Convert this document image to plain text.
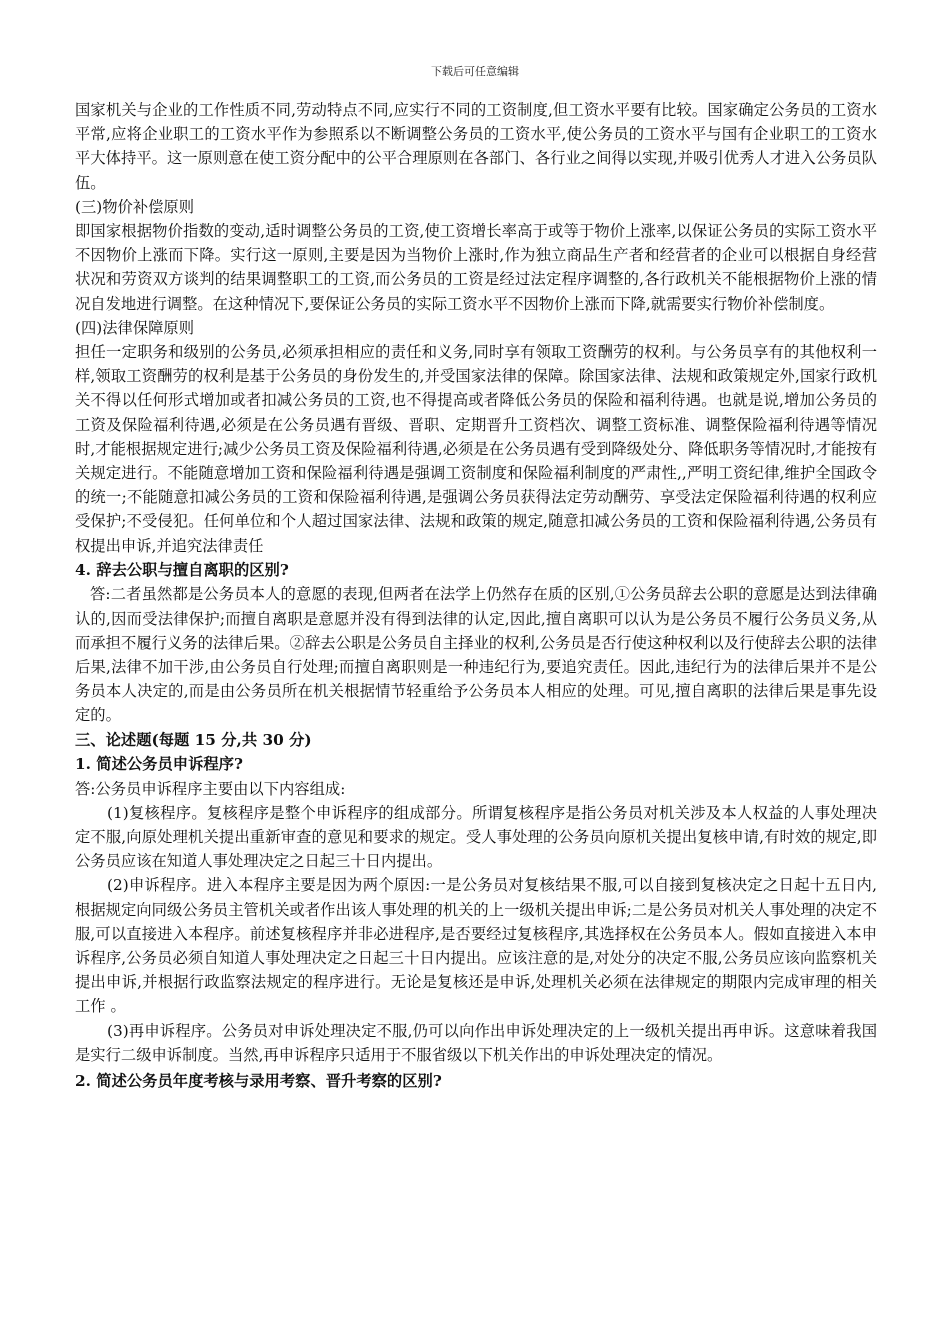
下载后可任意编辑

国家机关与企业的工作性质不同,劳动特点不同,应实行不同的工资制度,但工资水平要有比较。国家确定公务员的工资水平常,应将企业职工的工资水平作为参照系以不断调整公务员的工资水平,使公务员的工资水平与国有企业职工的工资水平大体持平。这一原则意在使工资分配中的公平合理原则在各部门、各行业之间得以实现,并吸引优秀人才进入公务员队伍。

(三)物价补偿原则

即国家根据物价指数的变动,适时调整公务员的工资,使工资增长率高于或等于物价上涨率,以保证公务员的实际工资水平不因物价上涨而下降。实行这一原则,主要是因为当物价上涨时,作为独立商品生产者和经营者的企业可以根据自身经营状况和劳资双方谈判的结果调整职工的工资,而公务员的工资是经过法定程序调整的,各行政机关不能根据物价上涨的情况自发地进行调整。在这种情况下,要保证公务员的实际工资水平不因物价上涨而下降,就需要实行物价补偿制度。

(四)法律保障原则

担任一定职务和级别的公务员,必须承担相应的责任和义务,同时享有领取工资酬劳的权利。与公务员享有的其他权利一样,领取工资酬劳的权利是基于公务员的身份发生的,并受国家法律的保障。除国家法律、法规和政策规定外,国家行政机关不得以任何形式增加或者扣减公务员的工资,也不得提高或者降低公务员的保险和福利待遇。也就是说,增加公务员的工资及保险福利待遇,必须是在公务员遇有晋级、晋职、定期晋升工资档次、调整工资标准、调整保险福利待遇等情况时,才能根据规定进行;减少公务员工资及保险福利待遇,必须是在公务员遇有受到降级处分、降低职务等情况时,才能按有关规定进行。不能随意增加工资和保险福利待遇是强调工资制度和保险福利制度的严肃性,,严明工资纪律,维护全国政令的统一;不能随意扣减公务员的工资和保险福利待遇,是强调公务员获得法定劳动酬劳、享受法定保险福利待遇的权利应受保护;不受侵犯。任何单位和个人超过国家法律、法规和政策的规定,随意扣减公务员的工资和保险福利待遇,公务员有权提出申诉,并追究法律责任

4. 辞去公职与擅自离职的区别?

答:二者虽然都是公务员本人的意愿的表现,但两者在法学上仍然存在质的区别,①公务员辞去公职的意愿是达到法律确认的,因而受法律保护;而擅自离职是意愿并没有得到法律的认定,因此,擅自离职可以认为是公务员不履行公务员义务,从而承担不履行义务的法律后果。②辞去公职是公务员自主择业的权利,公务员是否行使这种权利以及行使辞去公职的法律后果,法律不加干涉,由公务员自行处理;而擅自离职则是一种违纪行为,要追究责任。因此,违纪行为的法律后果并不是公务员本人决定的,而是由公务员所在机关根据情节轻重给予公务员本人相应的处理。可见,擅自离职的法律后果是事先设定的。

三、论述题(每题 15 分,共 30 分)

1. 简述公务员申诉程序?

答:公务员申诉程序主要由以下内容组成:

(1)复核程序。复核程序是整个申诉程序的组成部分。所谓复核程序是指公务员对机关涉及本人权益的人事处理决定不服,向原处理机关提出重新审查的意见和要求的规定。受人事处理的公务员向原机关提出复核申请,有时效的规定,即公务员应该在知道人事处理决定之日起三十日内提出。

(2)申诉程序。进入本程序主要是因为两个原因:一是公务员对复核结果不服,可以自接到复核决定之日起十五日内,根据规定向同级公务员主管机关或者作出该人事处理的机关的上一级机关提出申诉;二是公务员对机关人事处理的决定不服,可以直接进入本程序。前述复核程序并非必进程序,是否要经过复核程序,其选择权在公务员本人。假如直接进入本申诉程序,公务员必须自知道人事处理决定之日起三十日内提出。应该注意的是,对处分的决定不服,公务员应该向监察机关提出申诉,并根据行政监察法规定的程序进行。无论是复核还是申诉,处理机关必须在法律规定的期限内完成审理的相关工作 。

(3)再申诉程序。公务员对申诉处理决定不服,仍可以向作出申诉处理决定的上一级机关提出再申诉。这意味着我国是实行二级申诉制度。当然,再申诉程序只适用于不服省级以下机关作出的申诉处理决定的情况。

2. 简述公务员年度考核与录用考察、晋升考察的区别?
